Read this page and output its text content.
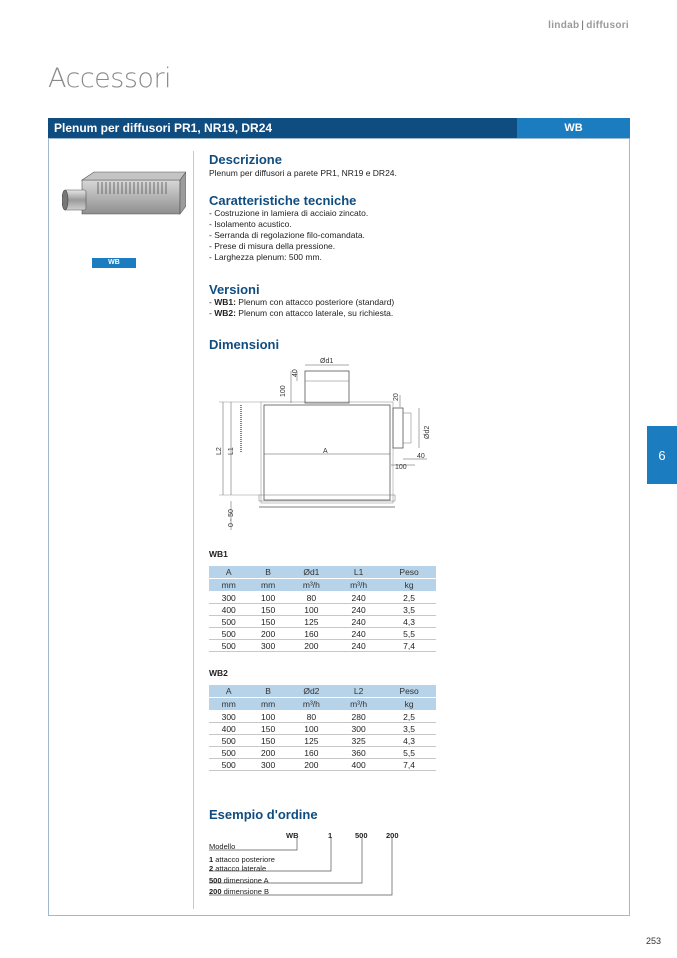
lindab | diffusori
Accessori
Plenum per diffusori PR1, NR19, DR24	WB
WB
Descrizione
Plenum per diffusori a parete PR1, NR19 e DR24.
Caratteristiche tecniche
- Costruzione in lamiera di acciaio zincato.
- Isolamento acustico.
- Serranda di regolazione filo-comandata.
- Prese di misura della pressione.
- Larghezza plenum: 500 mm.
Versioni
- WB1: Plenum con attacco posteriore (standard)
- WB2: Plenum con attacco laterale, su richiesta.
Dimensioni
Ød1
A
40
100
20
Ød2
40
100
L2 L1
0 - 50
WB1
A	B	Ød1	L1	Peso
mm	mm	m³/h	m³/h	kg
300	100	80	240	2,5
400	150	100	240	3,5
500	150	125	240	4,3
500	200	160	240	5,5
500	300	200	240	7,4
WB2
A	B	Ød2	L2	Peso
mm	mm	m³/h	m³/h	kg
300	100	80	280	2,5
400	150	100	300	3,5
500	150	125	325	4,3
500	200	160	360	5,5
500	300	200	400	7,4
Esempio d'ordine
WB	1	500 200
Modello
1 attacco posteriore
2 attacco laterale
500 dimensione A
200 dimensione B
6
253
